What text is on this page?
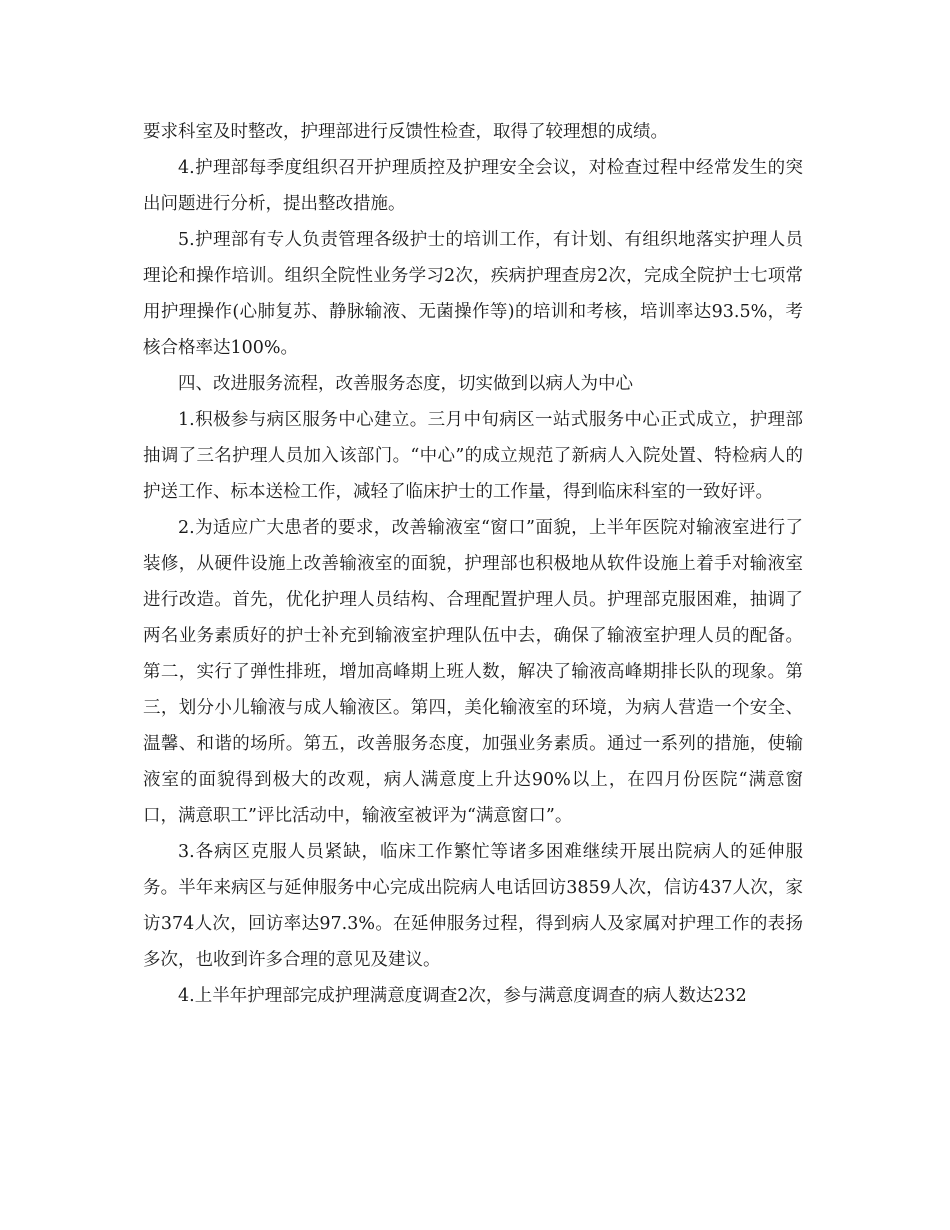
要求科室及时整改，护理部进行反馈性检查，取得了较理想的成绩。

4.护理部每季度组织召开护理质控及护理安全会议，对检查过程中经常发生的突出问题进行分析，提出整改措施。

5.护理部有专人负责管理各级护士的培训工作，有计划、有组织地落实护理人员理论和操作培训。组织全院性业务学习2次，疾病护理查房2次，完成全院护士七项常用护理操作(心肺复苏、静脉输液、无菌操作等)的培训和考核，培训率达93.5%，考核合格率达100%。

四、改进服务流程，改善服务态度，切实做到以病人为中心

1.积极参与病区服务中心建立。三月中旬病区一站式服务中心正式成立，护理部抽调了三名护理人员加入该部门。“中心”的成立规范了新病人入院处置、特检病人的护送工作、标本送检工作，减轻了临床护士的工作量，得到临床科室的一致好评。

2.为适应广大患者的要求，改善输液室“窗口”面貌，上半年医院对输液室进行了装修，从硬件设施上改善输液室的面貌，护理部也积极地从软件设施上着手对输液室进行改造。首先，优化护理人员结构、合理配置护理人员。护理部克服困难，抽调了两名业务素质好的护士补充到输液室护理队伍中去，确保了输液室护理人员的配备。第二，实行了弹性排班，增加高峰期上班人数，解决了输液高峰期排长队的现象。第三，划分小儿输液与成人输液区。第四，美化输液室的环境，为病人营造一个安全、温馨、和谐的场所。第五，改善服务态度，加强业务素质。通过一系列的措施，使输液室的面貌得到极大的改观，病人满意度上升达90%以上，在四月份医院“满意窗口，满意职工”评比活动中，输液室被评为“满意窗口”。

3.各病区克服人员紧缺，临床工作繁忙等诸多困难继续开展出院病人的延伸服务。半年来病区与延伸服务中心完成出院病人电话回访3859人次，信访437人次，家访374人次，回访率达97.3%。在延伸服务过程，得到病人及家属对护理工作的表扬多次，也收到许多合理的意见及建议。

4.上半年护理部完成护理满意度调查2次，参与满意度调查的病人数达232
